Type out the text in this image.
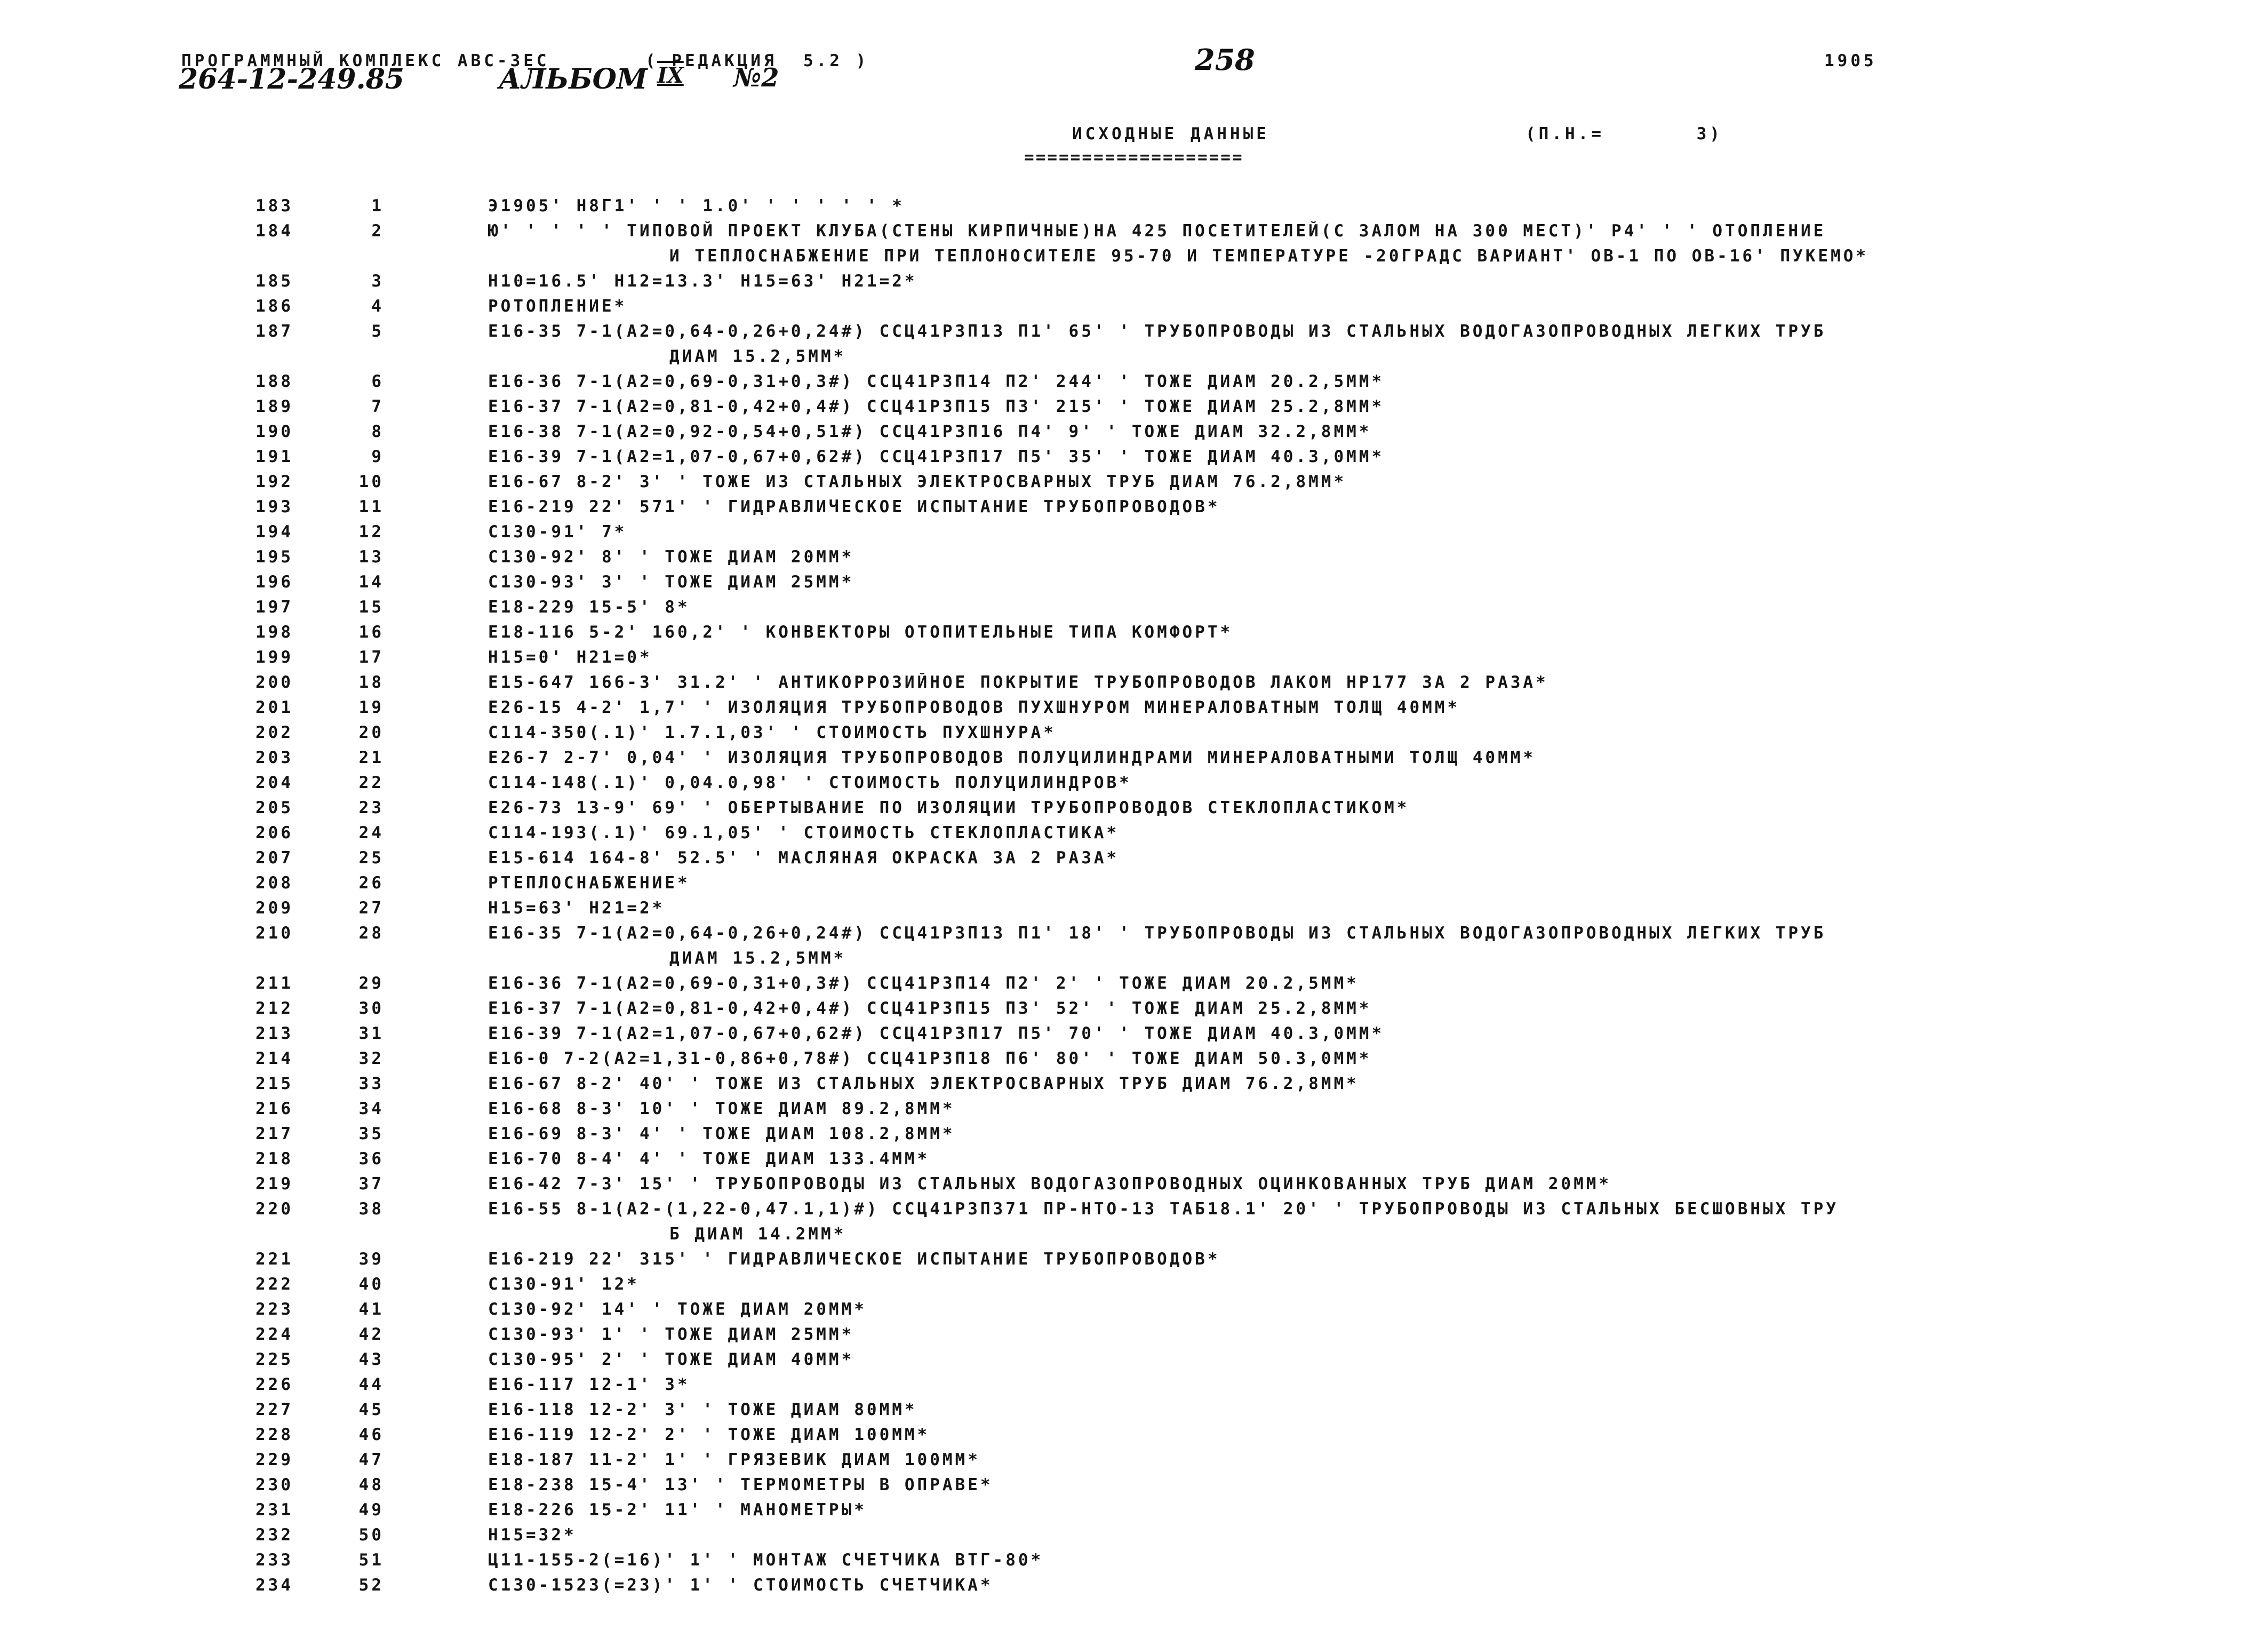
ПРОГРАММНЫЙ КОМПЛЕКС АВС-3ЕС	( РЕДАКЦИЯ  5.2 )	1905
264-12-249.85	АЛЬБОМ IX №2
258
ИСХОДНЫЕ ДАННЫЕ
===================
(П.Н.=       3)
183	1	Э1905' Н8Г1' ' ' 1.0' ' ' ' ' ' *
184	2	Ю' ' ' ' ' ТИПОВОЙ ПРОЕКТ КЛУБА(СТЕНЫ КИРПИЧНЫЕ)НА 425 ПОСЕТИТЕЛЕЙ(С ЗАЛОМ НА 300 МЕСТ)' Р4' ' ' ОТОПЛЕНИЕ
И ТЕПЛОСНАБЖЕНИЕ ПРИ ТЕПЛОНОСИТЕЛЕ 95-70 И ТЕМПЕРАТУРЕ -20ГРАДС ВАРИАНТ' ОВ-1 ПО ОВ-16' ПУКЕМО*
185	3	Н10=16.5' Н12=13.3' Н15=63' Н21=2*
186	4	РОТОПЛЕНИЕ*
187	5	Е16-35 7-1(А2=0,64-0,26+0,24#) ССЦ41Р3П13 П1' 65' ' ТРУБОПРОВОДЫ ИЗ СТАЛЬНЫХ ВОДОГАЗОПРОВОДНЫХ ЛЕГКИХ ТРУБ
ДИАМ 15.2,5ММ*
188	6	Е16-36 7-1(А2=0,69-0,31+0,3#) ССЦ41Р3П14 П2' 244' ' ТОЖЕ ДИАМ 20.2,5ММ*
189	7	Е16-37 7-1(А2=0,81-0,42+0,4#) ССЦ41Р3П15 П3' 215' ' ТОЖЕ ДИАМ 25.2,8ММ*
190	8	Е16-38 7-1(А2=0,92-0,54+0,51#) ССЦ41Р3П16 П4' 9' ' ТОЖЕ ДИАМ 32.2,8ММ*
191	9	Е16-39 7-1(А2=1,07-0,67+0,62#) ССЦ41Р3П17 П5' 35' ' ТОЖЕ ДИАМ 40.3,0ММ*
192	10	Е16-67 8-2' 3' ' ТОЖЕ ИЗ СТАЛЬНЫХ ЭЛЕКТРОСВАРНЫХ ТРУБ ДИАМ 76.2,8ММ*
193	11	Е16-219 22' 571' ' ГИДРАВЛИЧЕСКОЕ ИСПЫТАНИЕ ТРУБОПРОВОДОВ*
194	12	С130-91' 7*
195	13	С130-92' 8' ' ТОЖЕ ДИАМ 20ММ*
196	14	С130-93' 3' ' ТОЖЕ ДИАМ 25ММ*
197	15	Е18-229 15-5' 8*
198	16	Е18-116 5-2' 160,2' ' КОНВЕКТОРЫ ОТОПИТЕЛЬНЫЕ ТИПА КОМФОРТ*
199	17	Н15=0' Н21=0*
200	18	Е15-647 166-3' 31.2' ' АНТИКОРРОЗИЙНОЕ ПОКРЫТИЕ ТРУБОПРОВОДОВ ЛАКОМ НР177 ЗА 2 РАЗА*
201	19	Е26-15 4-2' 1,7' ' ИЗОЛЯЦИЯ ТРУБОПРОВОДОВ ПУХШНУРОМ МИНЕРАЛОВАТНЫМ ТОЛЩ 40ММ*
202	20	С114-350(.1)' 1.7.1,03' ' СТОИМОСТЬ ПУХШНУРА*
203	21	Е26-7 2-7' 0,04' ' ИЗОЛЯЦИЯ ТРУБОПРОВОДОВ ПОЛУЦИЛИНДРАМИ МИНЕРАЛОВАТНЫМИ ТОЛЩ 40ММ*
204	22	С114-148(.1)' 0,04.0,98' ' СТОИМОСТЬ ПОЛУЦИЛИНДРОВ*
205	23	Е26-73 13-9' 69' ' ОБЕРТЫВАНИЕ ПО ИЗОЛЯЦИИ ТРУБОПРОВОДОВ СТЕКЛОПЛАСТИКОМ*
206	24	С114-193(.1)' 69.1,05' ' СТОИМОСТЬ СТЕКЛОПЛАСТИКА*
207	25	Е15-614 164-8' 52.5' ' МАСЛЯНАЯ ОКРАСКА ЗА 2 РАЗА*
208	26	РТЕПЛОСНАБЖЕНИЕ*
209	27	Н15=63' Н21=2*
210	28	Е16-35 7-1(А2=0,64-0,26+0,24#) ССЦ41Р3П13 П1' 18' ' ТРУБОПРОВОДЫ ИЗ СТАЛЬНЫХ ВОДОГАЗОПРОВОДНЫХ ЛЕГКИХ ТРУБ
ДИАМ 15.2,5ММ*
211	29	Е16-36 7-1(А2=0,69-0,31+0,3#) ССЦ41Р3П14 П2' 2' ' ТОЖЕ ДИАМ 20.2,5ММ*
212	30	Е16-37 7-1(А2=0,81-0,42+0,4#) ССЦ41Р3П15 П3' 52' ' ТОЖЕ ДИАМ 25.2,8ММ*
213	31	Е16-39 7-1(А2=1,07-0,67+0,62#) ССЦ41Р3П17 П5' 70' ' ТОЖЕ ДИАМ 40.3,0ММ*
214	32	Е16-0 7-2(А2=1,31-0,86+0,78#) ССЦ41Р3П18 П6' 80' ' ТОЖЕ ДИАМ 50.3,0ММ*
215	33	Е16-67 8-2' 40' ' ТОЖЕ ИЗ СТАЛЬНЫХ ЭЛЕКТРОСВАРНЫХ ТРУБ ДИАМ 76.2,8ММ*
216	34	Е16-68 8-3' 10' ' ТОЖЕ ДИАМ 89.2,8ММ*
217	35	Е16-69 8-3' 4' ' ТОЖЕ ДИАМ 108.2,8ММ*
218	36	Е16-70 8-4' 4' ' ТОЖЕ ДИАМ 133.4ММ*
219	37	Е16-42 7-3' 15' ' ТРУБОПРОВОДЫ ИЗ СТАЛЬНЫХ ВОДОГАЗОПРОВОДНЫХ ОЦИНКОВАННЫХ ТРУБ ДИАМ 20ММ*
220	38	Е16-55 8-1(А2-(1,22-0,47.1,1)#) ССЦ41Р3П371 ПР-НТО-13 ТАБ18.1' 20' ' ТРУБОПРОВОДЫ ИЗ СТАЛЬНЫХ БЕСШОВНЫХ ТРУ
Б ДИАМ 14.2ММ*
221	39	Е16-219 22' 315' ' ГИДРАВЛИЧЕСКОЕ ИСПЫТАНИЕ ТРУБОПРОВОДОВ*
222	40	С130-91' 12*
223	41	С130-92' 14' ' ТОЖЕ ДИАМ 20ММ*
224	42	С130-93' 1' ' ТОЖЕ ДИАМ 25ММ*
225	43	С130-95' 2' ' ТОЖЕ ДИАМ 40ММ*
226	44	Е16-117 12-1' 3*
227	45	Е16-118 12-2' 3' ' ТОЖЕ ДИАМ 80ММ*
228	46	Е16-119 12-2' 2' ' ТОЖЕ ДИАМ 100ММ*
229	47	Е18-187 11-2' 1' ' ГРЯЗЕВИК ДИАМ 100ММ*
230	48	Е18-238 15-4' 13' ' ТЕРМОМЕТРЫ В ОПРАВЕ*
231	49	Е18-226 15-2' 11' ' МАНОМЕТРЫ*
232	50	Н15=32*
233	51	Ц11-155-2(=16)' 1' ' МОНТАЖ СЧЕТЧИКА ВТГ-80*
234	52	С130-1523(=23)' 1' ' СТОИМОСТЬ СЧЕТЧИКА*
